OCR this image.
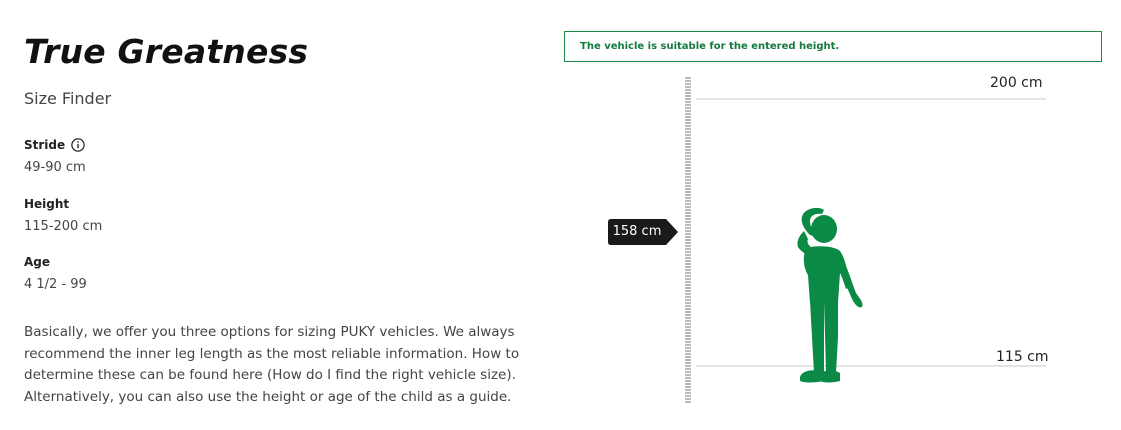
True Greatness
Size Finder
Stride
49-90 cm
Height
115-200 cm
Age
4 1/2 - 99

Basically, we offer you three options for sizing PUKY vehicles. We always recommend the inner leg length as the most reliable information. How to determine these can be found here (How do I find the right vehicle size). Alternatively, you can also use the height or age of the child as a guide.

The vehicle is suitable for the entered height.
200 cm
115 cm
158 cm
